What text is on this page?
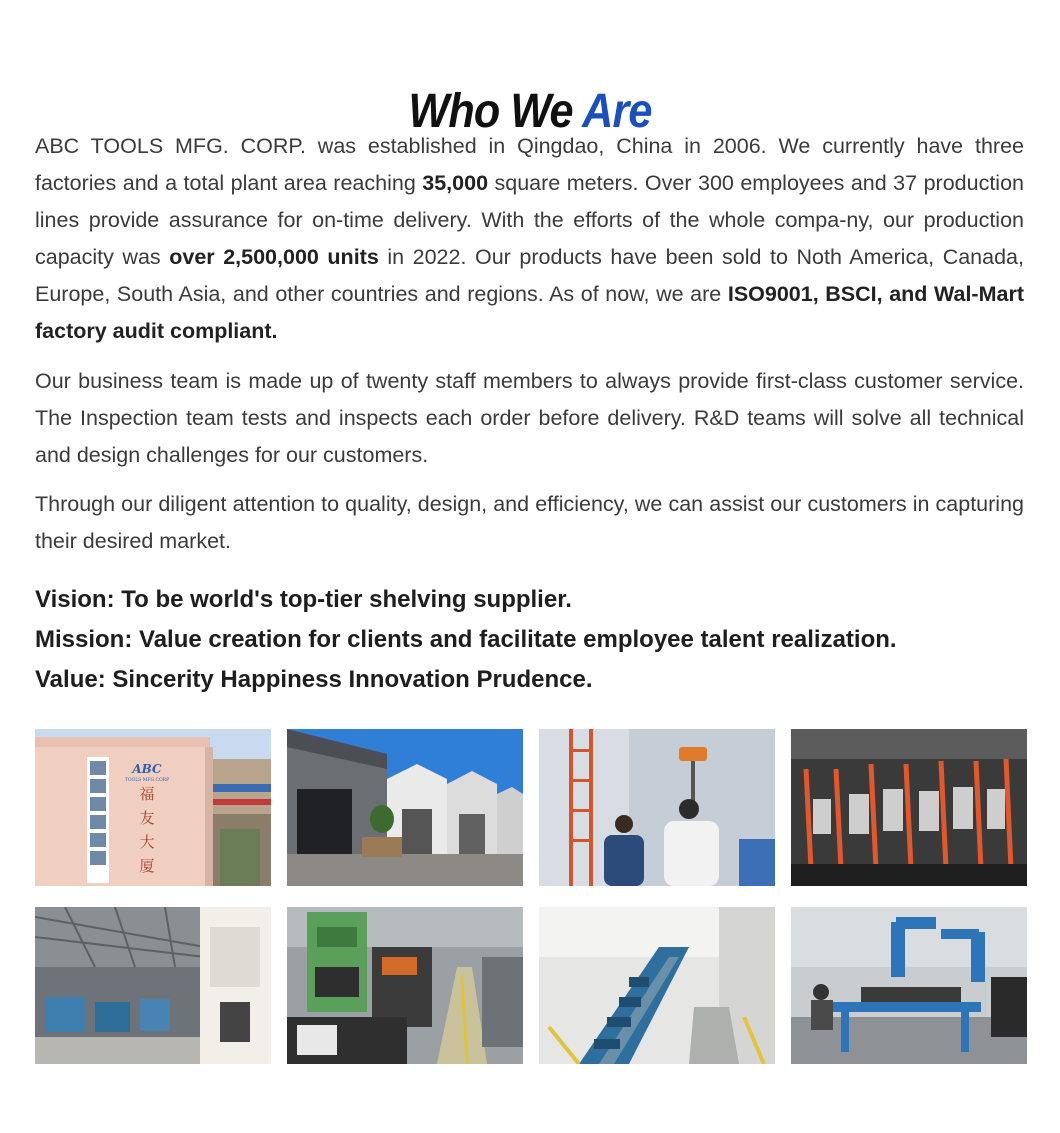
Who We Are
ABC TOOLS MFG. CORP. was established in Qingdao, China in 2006. We currently have three factories and a total plant area reaching 35,000 square meters. Over 300 employees and 37 production lines provide assurance for on-time delivery. With the efforts of the whole compa-ny, our production capacity was over 2,500,000 units in 2022. Our products have been sold to Noth America, Canada, Europe, South Asia, and other countries and regions. As of now, we are ISO9001, BSCI, and Wal-Mart factory audit compliant.
Our business team is made up of twenty staff members to always provide first-class customer service. The Inspection team tests and inspects each order before delivery. R&D teams will solve all technical and design challenges for our customers.
Through our diligent attention to quality, design, and efficiency, we can assist our customers in capturing their desired market.
Vision: To be world's top-tier shelving supplier.
Mission: Value creation for clients and facilitate employee talent realization.
Value: Sincerity Happiness Innovation Prudence.
ABC
TOOLS MFG CORP
福
友
大
厦
